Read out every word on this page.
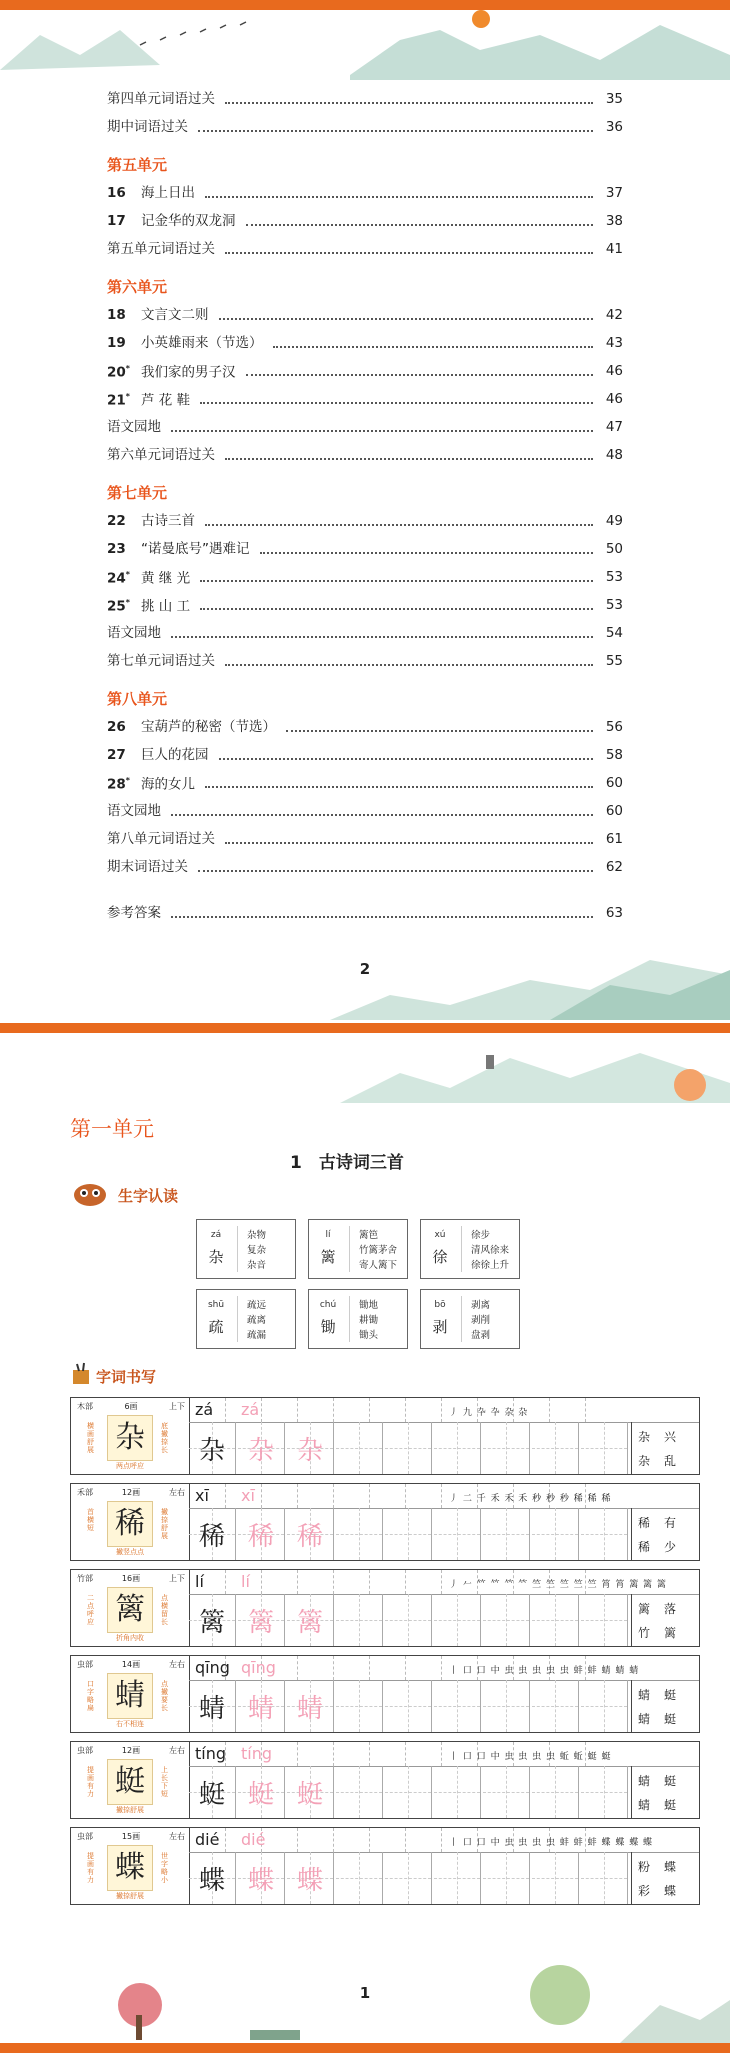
第四单元词语过关	35
期中词语过关	36
第五单元
16 海上日出	37
17 记金华的双龙洞	38
第五单元词语过关	41
第六单元
18 文言文二则	42
19 小英雄雨来（节选）	43
20* 我们家的男子汉	46
21* 芦 花 鞋	46
语文园地	47
第六单元词语过关	48
第七单元
22 古诗三首	49
23 “诺曼底号”遇难记	50
24* 黄 继 光	53
25* 挑 山 工	53
语文园地	54
第七单元词语过关	55
第八单元
26 宝葫芦的秘密（节选）	56
27 巨人的花园	58
28* 海的女儿	60
语文园地	60
第八单元词语过关	61
期末词语过关	62
参考答案	63
2
第一单元
1　古诗词三首
生字认读
zá
杂
杂物
复杂
杂音
lí
篱
篱笆
竹篱茅舍
寄人篱下
xú
徐
徐步
清风徐来
徐徐上升
shū
疏
疏远
疏离
疏漏
chú
锄
锄地
耕锄
锄头
bō
剥
剥离
剥削
盘剥
字词书写
木部	6画	上下
杂
横画舒展
底撇捺长
两点呼应
zá zá	丿 九 卆 卆 杂 杂
杂 杂 杂	杂 兴
杂 乱
禾部	12画	左右
稀
首横短
撇捺舒展
撇竖点点
xī xī	丿 二 千 禾 禾 禾 秒 秒 秒 稀 稀 稀
稀 稀 稀	稀 有
稀 少
竹部	16画	上下
篱
二点呼应
点横留长
折角内收
lí lí	丿 𠂉 𥫗 𥫗 𥫗 𥫗 竺 竺 竺 竺 竺 筲 筲 篱 篱 篱
篱 篱 篱	篱 落
竹 篱
虫部	14画	左右
蜻
口字略扁
点撇要长
右不相连
qīng qīng	丨 口 口 中 虫 虫 虫 虫 虫 蚌 蚌 蜻 蜻 蜻
蜻 蜻 蜻	蜻 蜓
蜻 蜓
虫部	12画	左右
蜓
提画有力
上长下短
撇捺舒展
tíng tíng	丨 口 口 中 虫 虫 虫 虫 蚯 蚯 蜓 蜓
蜓 蜓 蜓	蜻 蜓
蜻 蜓
虫部	15画	左右
蝶
提画有力
世字略小
撇捺舒展
dié dié	丨 口 口 中 虫 虫 虫 虫 蚌 蚌 蚌 蝶 蝶 蝶 蝶
蝶 蝶 蝶	粉 蝶
彩 蝶
1
